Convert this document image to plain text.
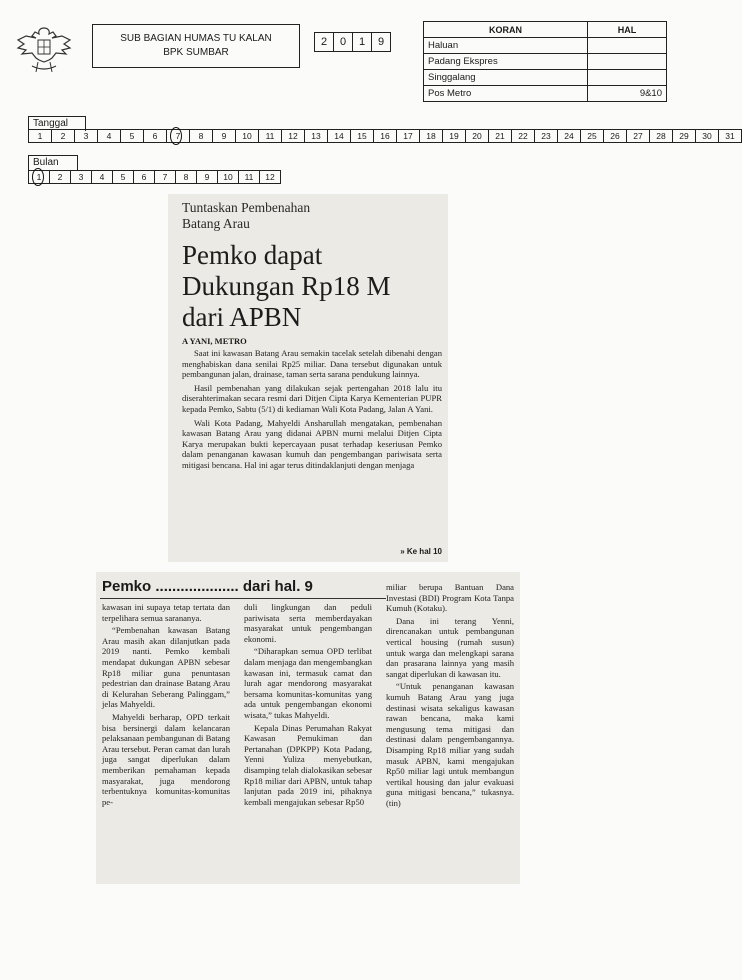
SUB BAGIAN HUMAS TU KALAN
BPK SUMBAR
2	0	1	9
KORAN	HAL
Haluan	
Padang Ekspres	
Singgalang	
Pos Metro	9&10
Tanggal
1	2	3	4	5	6	7	8	9	10	11	12	13	14	15	16	17	18	19	20	21	22	23	24	25	26	27	28	29	30	31
Bulan
1	2	3	4	5	6	7	8	9	10	11	12
Tuntaskan Pembenahan
Batang Arau
Pemko dapat
Dukungan Rp18 M
dari APBN
A YANI, METRO

Saat ini kawasan Batang Arau semakin tacelak setelah dibenahi dengan menghabiskan dana senilai Rp25 miliar. Dana tersebut digunakan untuk pembangunan jalan, drainase, taman serta sarana pendukung lainnya.

Hasil pembenahan yang dilakukan sejak pertengahan 2018 lalu itu diserahterimakan secara resmi dari Ditjen Cipta Karya Kementerian PUPR kepada Pemko, Sabtu (5/1) di kediaman Wali Kota Padang, Jalan A Yani.

Wali Kota Padang, Mahyeldi Ansharullah mengatakan, pembenahan kawasan Batang Arau yang didanai APBN murni melalui Ditjen Cipta Karya merupakan bukti kepercayaan pusat terhadap keseriusan Pemko dalam penanganan kawasan kumuh dan pengembangan pariwisata serta mitigasi bencana. Hal ini agar terus ditindaklanjuti dengan menjaga

» Ke hal 10
Pemko .................... dari hal. 9

kawasan ini supaya tetap tertata dan terpelihara semua sarananya.

“Pembenahan kawasan Batang Arau masih akan dilanjutkan pada 2019 nanti. Pemko kembali mendapat dukungan APBN sebesar Rp18 miliar guna penuntasan pedestrian dan drainase Batang Arau di Kelurahan Seberang Palinggam,” jelas Mahyeldi.

Mahyeldi berharap, OPD terkait bisa bersinergi dalam kelancaran pelaksanaan pembangunan di Batang Arau tersebut. Peran camat dan lurah juga sangat diperlukan dalam memberikan pemahaman kepada masyarakat, juga mendorong terbentuknya komunitas-komunitas pe-

duli lingkungan dan peduli pariwisata serta memberdayakan masyarakat untuk pengembangan ekonomi.

“Diharapkan semua OPD terlibat dalam menjaga dan mengembangkan kawasan ini, termasuk camat dan lurah agar mendorong masyarakat bersama komunitas-komunitas yang ada untuk pengembangan ekonomi wisata,” tukas Mahyeldi.

Kepala Dinas Perumahan Rakyat Kawasan Pemukiman dan Pertanahan (DPKPP) Kota Padang, Yenni Yuliza menyebutkan, disamping telah dialokasikan sebesar Rp18 miliar dari APBN, untuk tahap lanjutan pada 2019 ini, pihaknya kembali mengajukan sebesar Rp50

miliar berupa Bantuan Dana Investasi (BDI) Program Kota Tanpa Kumuh (Kotaku).

Dana ini terang Yenni, direncanakan untuk pembangunan vertical housing (rumah susun) untuk warga dan melengkapi sarana dan prasarana lainnya yang masih sangat diperlukan di kawasan itu.

“Untuk penanganan kawasan kumuh Batang Arau yang juga destinasi wisata sekaligus kawasan rawan bencana, maka kami mengusung tema mitigasi dan destinasi dalam pengembangannya. Disamping Rp18 miliar yang sudah masuk APBN, kami mengajukan Rp50 miliar lagi untuk membangun vertikal housing dan jalur evakuasi guna mitigasi bencana,” tukasnya. (tin)
